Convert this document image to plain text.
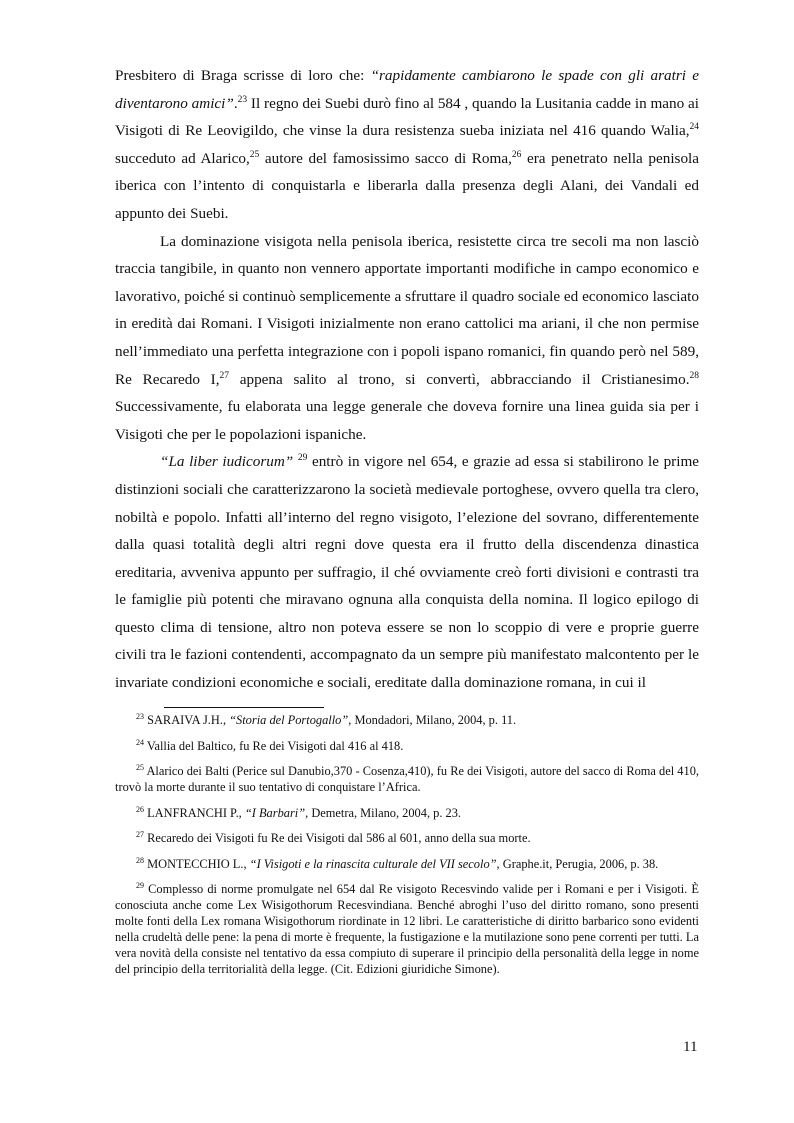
Presbitero di Braga scrisse di loro che: “rapidamente cambiarono le spade con gli aratri e diventarono amici”.$^{23}$ Il regno dei Suebi durò fino al 584 , quando la Lusitania cadde in mano ai Visigoti di Re Leovigildo, che vinse la dura resistenza sueba iniziata nel 416 quando Walia,$^{24}$ succeduto ad Alarico,$^{25}$ autore del famosissimo sacco di Roma,$^{26}$ era penetrato nella penisola iberica con l’intento di conquistarla e liberarla dalla presenza degli Alani, dei Vandali ed appunto dei Suebi.

La dominazione visigota nella penisola iberica, resistette circa tre secoli ma non lasciò traccia tangibile, in quanto non vennero apportate importanti modifiche in campo economico e lavorativo, poiché si continuò semplicemente a sfruttare il quadro sociale ed economico lasciato in eredità dai Romani. I Visigoti inizialmente non erano cattolici ma ariani, il che non permise nell’immediato una perfetta integrazione con i popoli ispano romanici, fin quando però nel 589, Re Recaredo I,$^{27}$ appena salito al trono, si convertì, abbracciando il Cristianesimo.$^{28}$ Successivamente, fu elaborata una legge generale che doveva fornire una linea guida sia per i Visigoti che per le popolazioni ispaniche.

“La liber iudicorum” $^{29}$ entrò in vigore nel 654, e grazie ad essa si stabilirono le prime distinzioni sociali che caratterizzarono la società medievale portoghese, ovvero quella tra clero, nobiltà e popolo. Infatti all’interno del regno visigoto, l’elezione del sovrano, differentemente dalla quasi totalità degli altri regni dove questa era il frutto della discendenza dinastica ereditaria, avveniva appunto per suffragio, il ché ovviamente creò forti divisioni e contrasti tra le famiglie più potenti che miravano ognuna alla conquista della nomina. Il logico epilogo di questo clima di tensione, altro non poteva essere se non lo scoppio di vere e proprie guerre civili tra le fazioni contendenti, accompagnato da un sempre più manifestato malcontento per le invariate condizioni economiche e sociali, ereditate dalla dominazione romana, in cui il

$^{23}$ SARAIVA J.H., “Storia del Portogallo”, Mondadori, Milano, 2004, p. 11.

$^{24}$ Vallia del Baltico, fu Re dei Visigoti dal 416 al 418.

$^{25}$ Alarico dei Balti (Perice sul Danubio,370 - Cosenza,410), fu Re dei Visigoti, autore del sacco di Roma del 410, trovò la morte durante il suo tentativo di conquistare l’Africa.

$^{26}$ LANFRANCHI P., “I Barbari”, Demetra, Milano, 2004, p. 23.

$^{27}$ Recaredo dei Visigoti fu Re dei Visigoti dal 586 al 601, anno della sua morte.

$^{28}$ MONTECCHIO L., “I Visigoti e la rinascita culturale del VII secolo”, Graphe.it, Perugia, 2006, p. 38.

$^{29}$ Complesso di norme promulgate nel 654 dal Re visigoto Recesvindo valide per i Romani e per i Visigoti. È conosciuta anche come Lex Wisigothorum Recesvindiana. Benché abroghi l’uso del diritto romano, sono presenti molte fonti della Lex romana Wisigothorum riordinate in 12 libri. Le caratteristiche di diritto barbarico sono evidenti nella crudeltà delle pene: la pena di morte è frequente, la fustigazione e la mutilazione sono pene correnti per tutti. La vera novità della consiste nel tentativo da essa compiuto di superare il principio della personalità della legge in nome del principio della territorialità della legge. (Cit. Edizioni giuridiche Simone).

11
